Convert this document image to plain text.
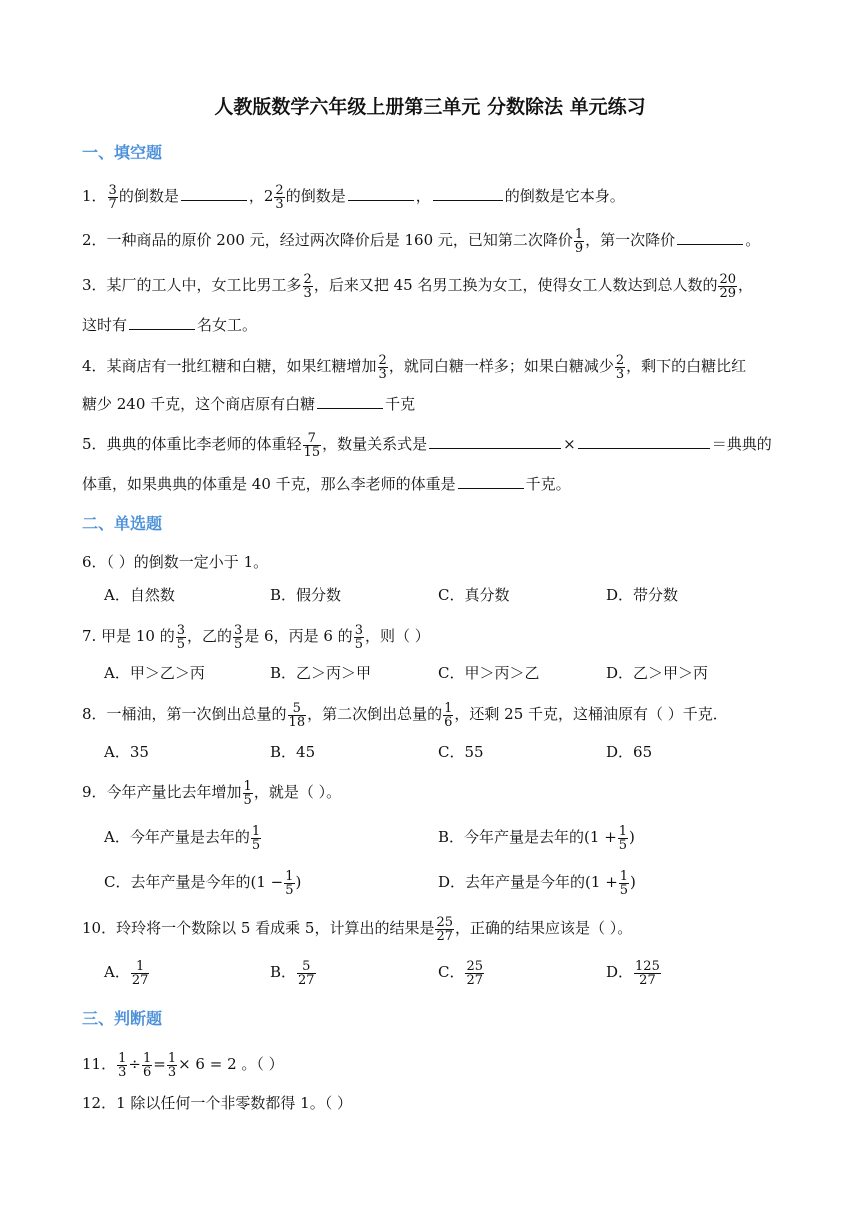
人教版数学六年级上册第三单元 分数除法 单元练习
一、填空题
1． $\frac{3}{7}$ 的倒数是	，$2 \frac{2}{3}$ 的倒数是	，	的倒数是它本身。
2．一种商品的原价 200 元，经过两次降价后是 160 元，已知第二次降价 $\frac{1}{9}$ ，第一次降价	。
3．某厂的工人中，女工比男工多 $\frac{2}{3}$ ，后来又把 45 名男工换为女工，使得女工人数达到总人数的 $\frac{20}{29}$ ，
这时有	名女工。
4．某商店有一批红糖和白糖，如果红糖增加 $\frac{2}{3}$ ，就同白糖一样多；如果白糖减少 $\frac{2}{3}$ ，剩下的白糖比红
糖少 240 千克，这个商店原有白糖	千克
5．典典的体重比李老师的体重轻 $\frac{7}{15}$ ，数量关系式是	×	＝典典的
体重，如果典典的体重是 40 千克，那么李老师的体重是	千克。
二、单选题
6．（ ）的倒数一定小于 1。
A．自然数	B．假分数	C．真分数	D．带分数
7. 甲是 10 的 $\frac{3}{5}$ ，乙的 $\frac{3}{5}$ 是 6，丙是 6 的 $\frac{3}{5}$ ，则（ ）
A．甲＞乙＞丙	B．乙＞丙＞甲	C．甲＞丙＞乙	D．乙＞甲＞丙
8．一桶油，第一次倒出总量的 $\frac{5}{18}$ ，第二次倒出总量的 $\frac{1}{6}$ ，还剩 25 千克，这桶油原有（ ）千克．
A．35	B．45	C．55	D．65
9．今年产量比去年增加 $\frac{1}{5}$ ，就是（ ）。
A．今年产量是去年的 $\frac{1}{5}$	B．今年产量是去年的($1 + \frac{1}{5}$ )
C．去年产量是今年的($1 - \frac{1}{5}$ )	D．去年产量是今年的($1 + \frac{1}{5}$ )
10．玲玲将一个数除以 5 看成乘 5，计算出的结果是 $\frac{25}{27}$ ，正确的结果应该是（ ）。
A． $\frac{1}{27}$	B． $\frac{5}{27}$	C． $\frac{25}{27}$	D． $\frac{125}{27}$
三、判断题
11． $\frac{1}{3} \div \frac{1}{6} = \frac{1}{3} \times 6 = 2$ 。（ ）
12．1 除以任何一个非零数都得 1。（ ）
